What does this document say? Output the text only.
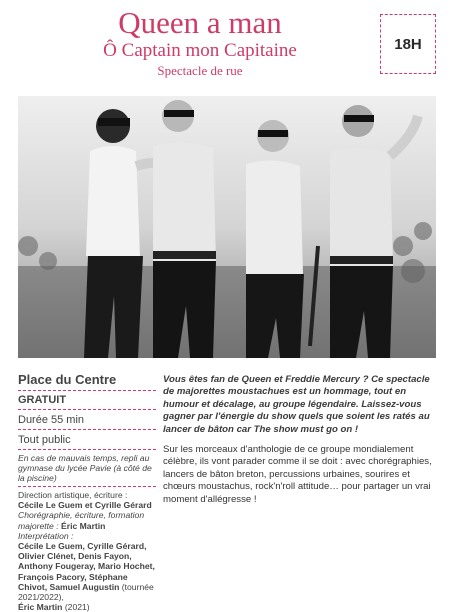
Queen a man
Ô Captain mon Capitaine
Spectacle de rue
18H
Place du Centre
GRATUIT
Durée 55 min
Tout public
En cas de mauvais temps, repli au gymnase du lycée Pavie (à côté de la piscine)
Direction artistique, écriture :
Cécile Le Guem et Cyrille Gérard
Chorégraphie, écriture, formation majorette : Éric Martin
Interprétation :
Cécile Le Guem, Cyrille Gérard, Olivier Clénet, Denis Fayon, Anthony Fougeray, Mario Hochet, François Pacory, Stéphane Chivot, Samuel Augustin (tournée 2021/2022),
Éric Martin (2021)

Vous êtes fan de Queen et Freddie Mercury ? Ce spectacle de majorettes moustachues est un hommage, tout en humour et décalage, au groupe légendaire. Laissez-vous gagner par l'énergie du show quels que soient les ratés au lancer de bâton car The show must go on !

Sur les morceaux d'anthologie de ce groupe mondialement célèbre, ils vont parader comme il se doit : avec chorégraphies, lancers de bâton breton, percussions urbaines, sourires et chœurs moustachus, rock'n'roll attitude… pour partager un vrai moment d'allégresse !
